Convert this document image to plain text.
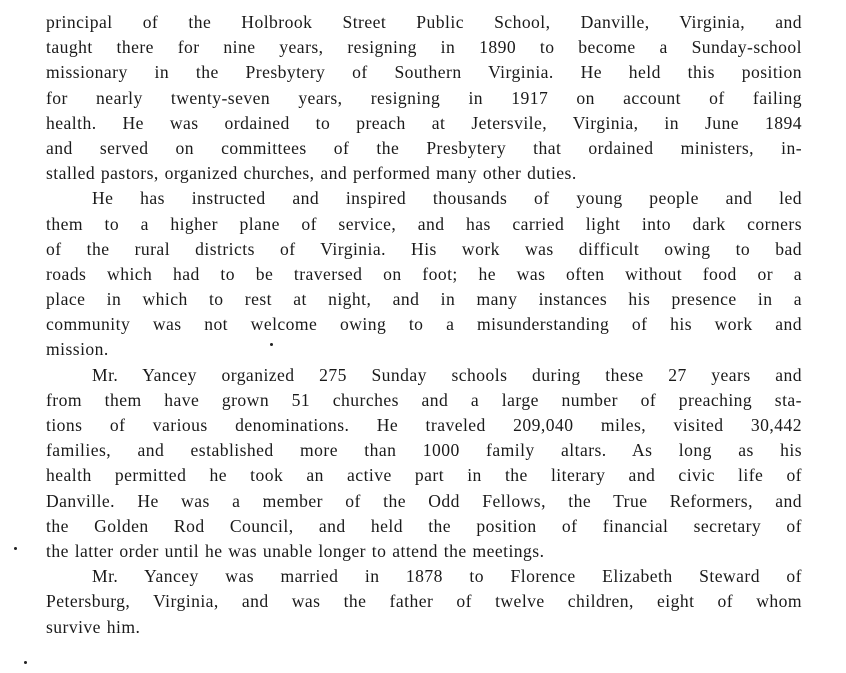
principal of the Holbrook Street Public School, Danville, Virginia, and
taught there for nine years, resigning in 1890 to become a Sunday-school
missionary in the Presbytery of Southern Virginia. He held this position
for nearly twenty-seven years, resigning in 1917 on account of failing
health. He was ordained to preach at Jetersvile, Virginia, in June 1894
and served on committees of the Presbytery that ordained ministers, in-
stalled pastors, organized churches, and performed many other duties.
He has instructed and inspired thousands of young people and led
them to a higher plane of service, and has carried light into dark corners
of the rural districts of Virginia. His work was difficult owing to bad
roads which had to be traversed on foot; he was often without food or a
place in which to rest at night, and in many instances his presence in a
community was not welcome owing to a misunderstanding of his work and
mission.
Mr. Yancey organized 275 Sunday schools during these 27 years and
from them have grown 51 churches and a large number of preaching sta-
tions of various denominations. He traveled 209,040 miles, visited 30,442
families, and established more than 1000 family altars. As long as his
health permitted he took an active part in the literary and civic life of
Danville. He was a member of the Odd Fellows, the True Reformers, and
the Golden Rod Council, and held the position of financial secretary of
the latter order until he was unable longer to attend the meetings.
Mr. Yancey was married in 1878 to Florence Elizabeth Steward of
Petersburg, Virginia, and was the father of twelve children, eight of whom
survive him.
